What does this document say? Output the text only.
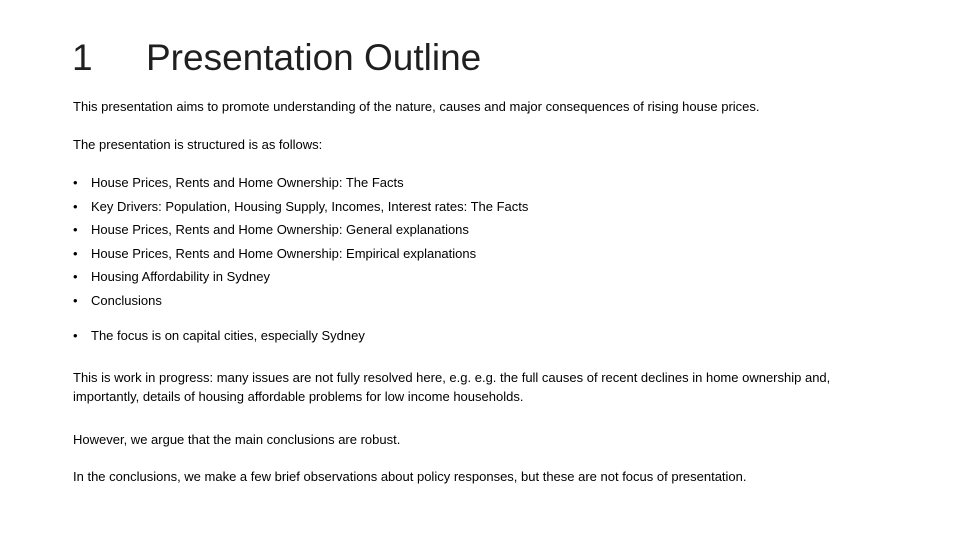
1 Presentation Outline
This presentation aims to promote understanding of the nature, causes and major consequences of rising house prices.
The presentation is structured is as follows:
• House Prices, Rents and Home Ownership: The Facts
• Key Drivers: Population, Housing Supply, Incomes, Interest rates: The Facts
• House Prices, Rents and Home Ownership: General explanations
• House Prices, Rents and Home Ownership: Empirical explanations
• Housing Affordability in Sydney
• Conclusions
• The focus is on capital cities, especially Sydney
This is work in progress: many issues are not fully resolved here, e.g. e.g. the full causes of recent declines in home ownership and, importantly, details of housing affordable problems for low income households.
However, we argue that the main conclusions are robust.
In the conclusions, we make a few brief observations about policy responses, but these are not focus of presentation.
